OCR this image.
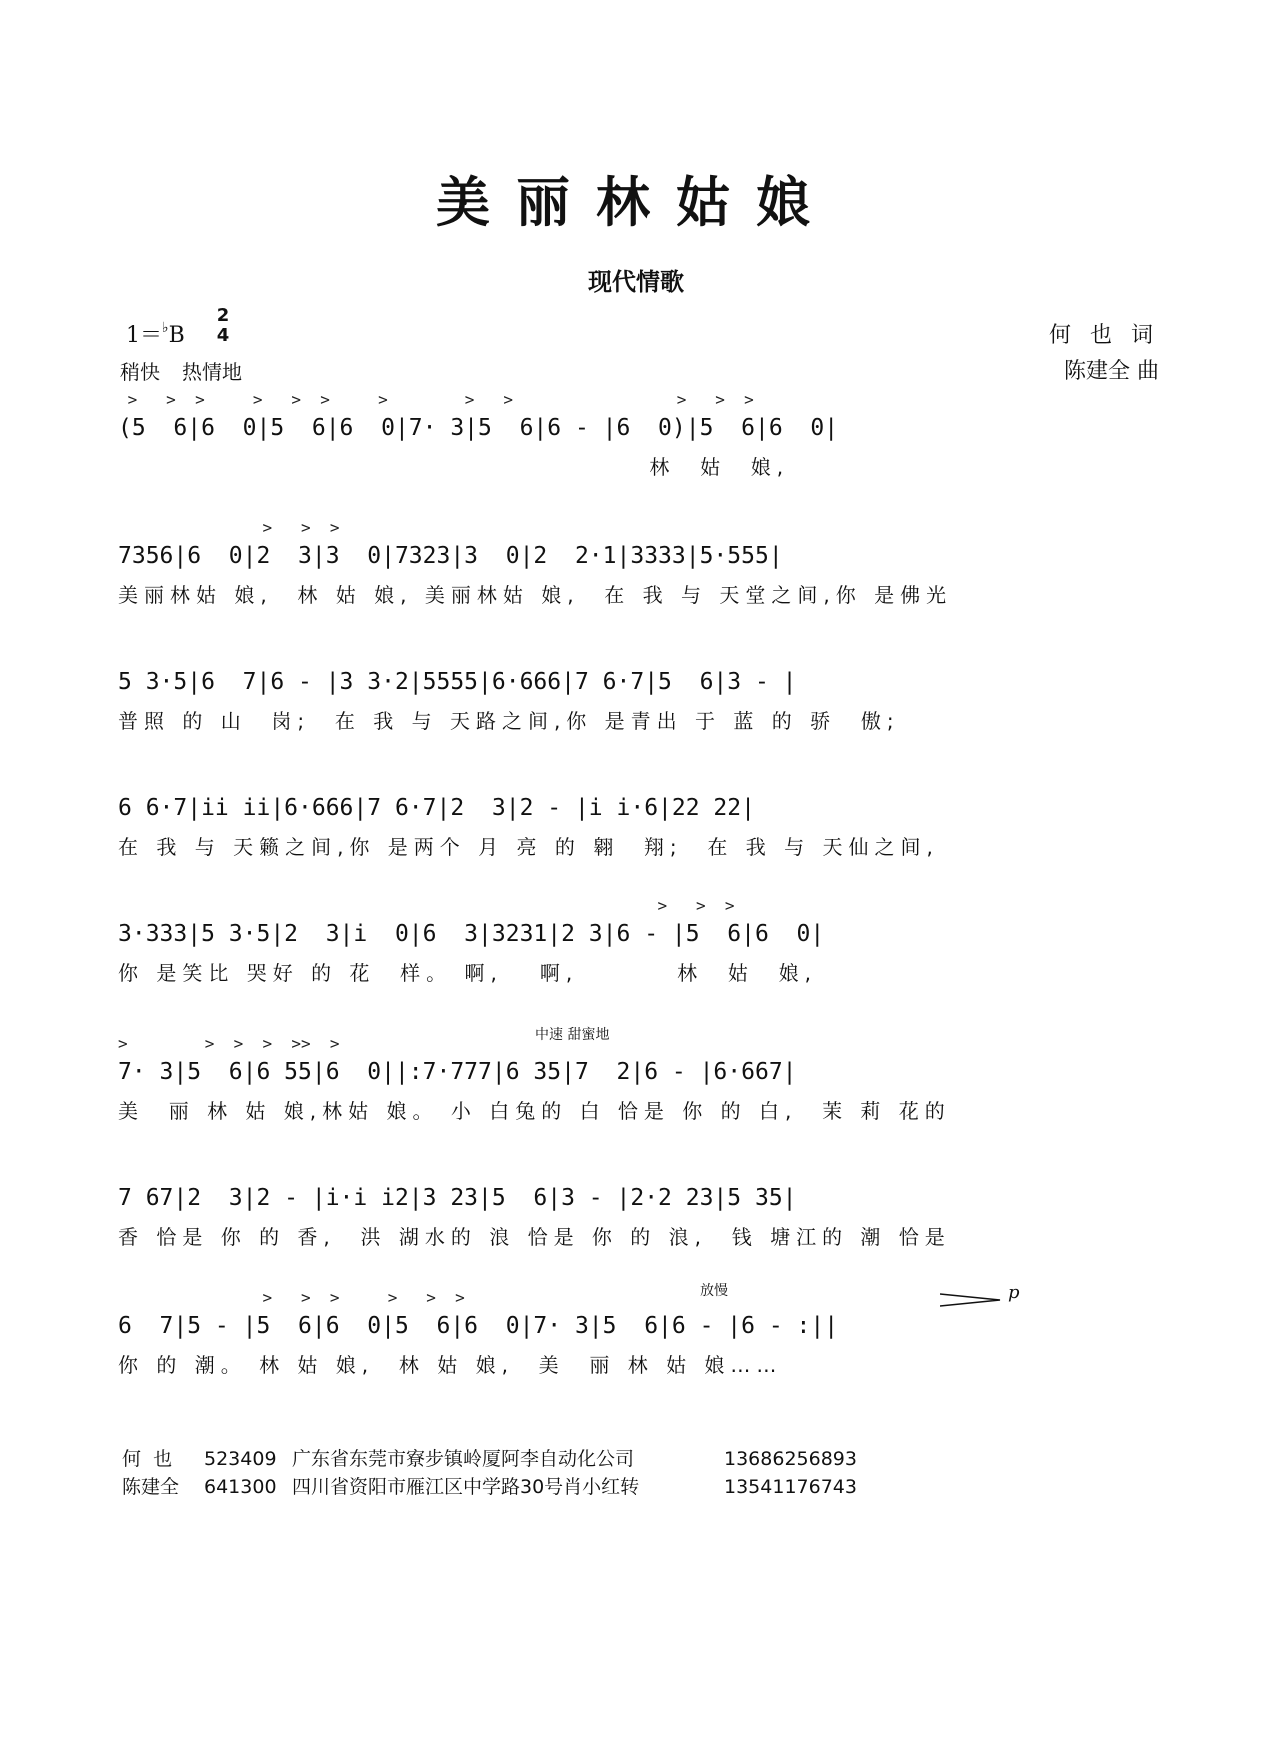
美丽林姑娘
现代情歌
1＝♭B
2
4
稍快 热情地
何 也 词
陈建全 曲
>   >  >     >   >  >     >        >   >                 >   >  >
(5  6|6  0|5  6|6  0|7· 3|5  6|6 - |6  0)|5  6|6  0|
林  姑  娘,
>   >  >
7356|6  0|2  3|3  0|7323|3  0|2  2·1|3333|5·555|
美丽林姑 娘,  林 姑 娘, 美丽林姑 娘,  在 我 与 天堂之间,你 是佛光
5 3·5|6  7|6 - |3 3·2|5555|6·666|7 6·7|5  6|3 - |
普照 的 山  岗;  在 我 与 天路之间,你 是青出 于 蓝 的 骄  傲;
6 6·7|ii ii|6·666|7 6·7|2  3|2 - |i i·6|22 22|
在 我 与 天籁之间,你 是两个 月 亮 的 翱  翔;  在 我 与 天仙之间,
>   >  >
3·333|5 3·5|2  3|i  0|6  3|3231|2 3|6 - |5  6|6  0|
你 是笑比 哭好 的 花  样。 啊,   啊,        林  姑  娘,
中速 甜蜜地
>        >  >  >  >>  >
7· 3|5  6|6 55|6  0||:7·777|6 35|7  2|6 - |6·667|
美  丽 林 姑 娘,林姑 娘。 小 白兔的 白 恰是 你 的 白,  茉 莉 花的
7 67|2  3|2 - |i·i i2|3 23|5  6|3 - |2·2 23|5 35|
香 恰是 你 的 香,  洪 湖水的 浪 恰是 你 的 浪,  钱 塘江的 潮 恰是
放慢
>   >  >     >   >  >
6  7|5 - |5  6|6  0|5  6|6  0|7· 3|5  6|6 - |6 - :||
你 的 潮。 林 姑 娘,  林 姑 娘,  美  丽 林 姑 娘……
p
何  也 523409 广东省东莞市寮步镇岭厦阿李自动化公司	13686256893
陈建全 641300 四川省资阳市雁江区中学路30号肖小红转	13541176743
